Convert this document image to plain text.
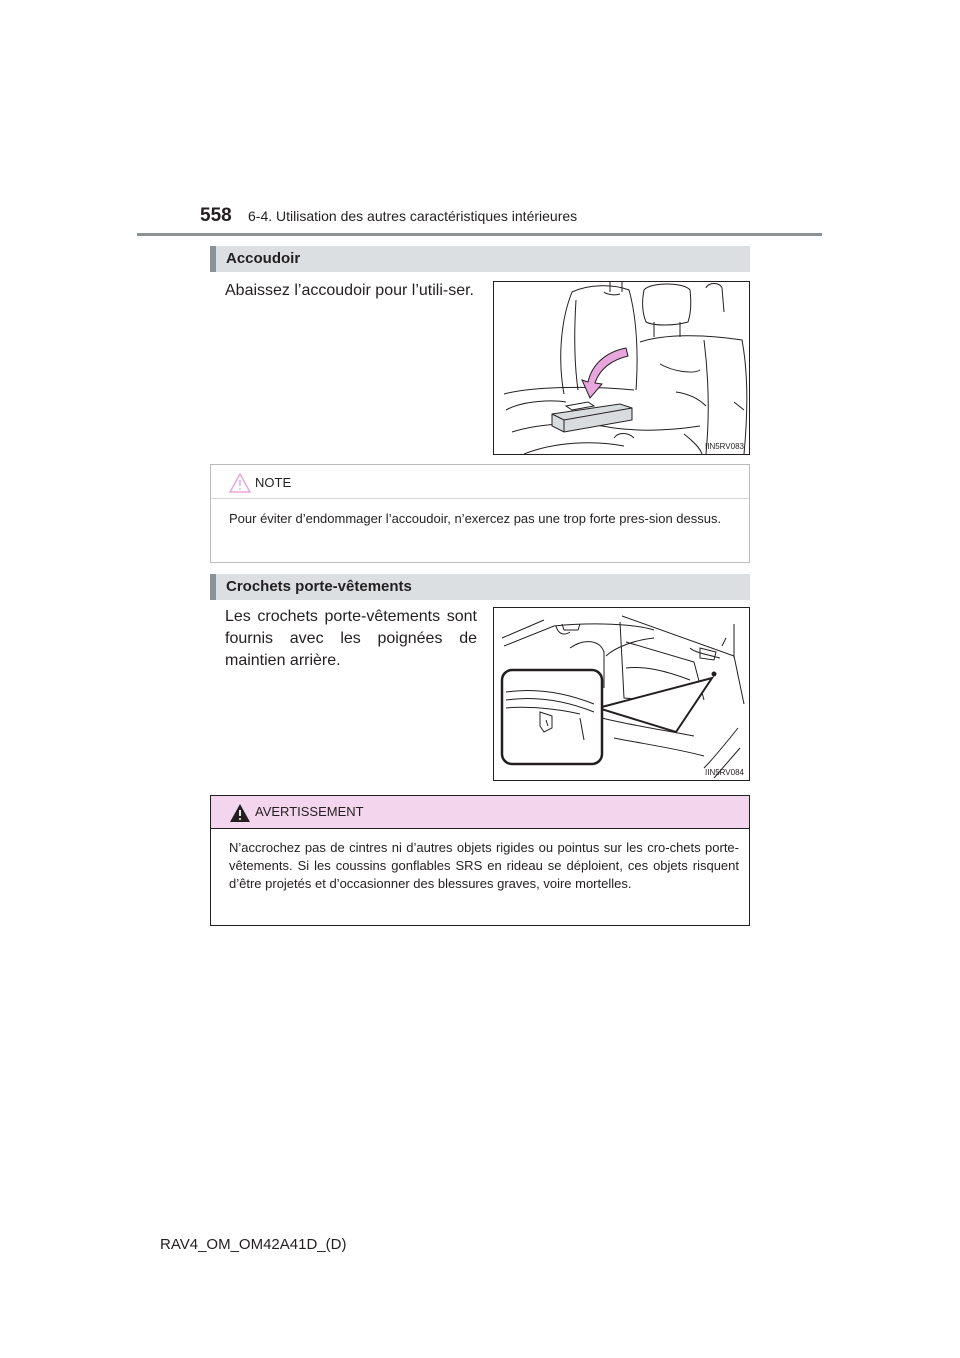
558 6-4. Utilisation des autres caractéristiques intérieures
Accoudoir
Abaissez l’accoudoir pour l’utili-ser.
IIN5RV083
NOTE
Pour éviter d’endommager l’accoudoir, n’exercez pas une trop forte pres-sion dessus.
Crochets porte-vêtements
Les crochets porte-vêtements sont fournis avec les poignées de maintien arrière.
IIN5RV084
AVERTISSEMENT
N’accrochez pas de cintres ni d’autres objets rigides ou pointus sur les cro-chets porte-vêtements. Si les coussins gonflables SRS en rideau se déploient, ces objets risquent d’être projetés et d’occasionner des blessures graves, voire mortelles.
RAV4_OM_OM42A41D_(D)
